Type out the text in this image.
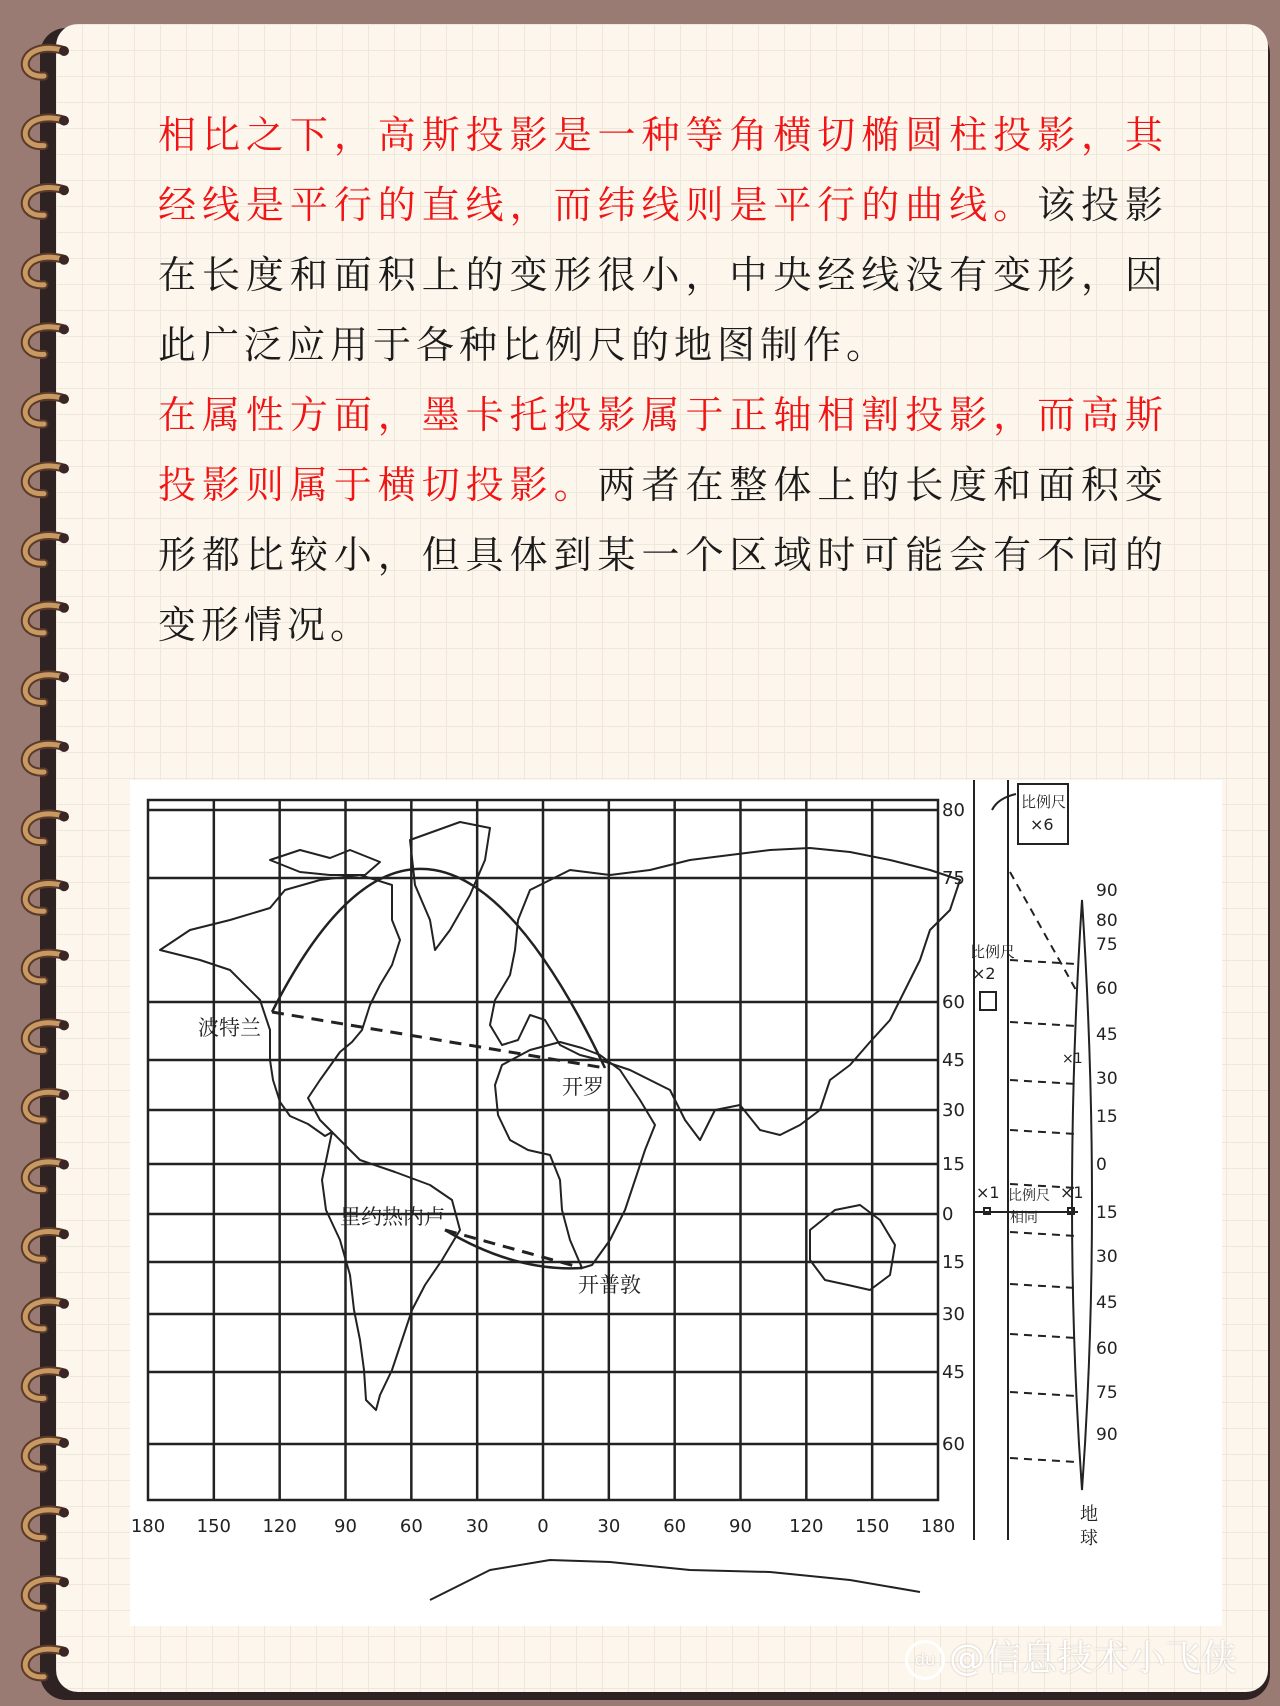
相比之下，高斯投影是一种等角横切椭圆柱投影，其经线是平行的直线，而纬线则是平行的曲线。该投影在长度和面积上的变形很小，中央经线没有变形，因此广泛应用于各种比例尺的地图制作。

在属性方面，墨卡托投影属于正轴相割投影，而高斯投影则属于横切投影。两者在整体上的长度和面积变形都比较小，但具体到某一个区域时可能会有不同的变形情况。

波特兰
开罗
里约热内卢
开普敦
比例尺
×6
比例尺
×2
×1
×1	×1
比例尺
相同
90
80
75
60
45
30
15
0
15
30
45
60
75
90
地
球
180 150 120 90 60 30	0	30 60 90 120 150 180
80
75
60
45
30
15
0
15
30
45
60
du @信息技术小飞侠
